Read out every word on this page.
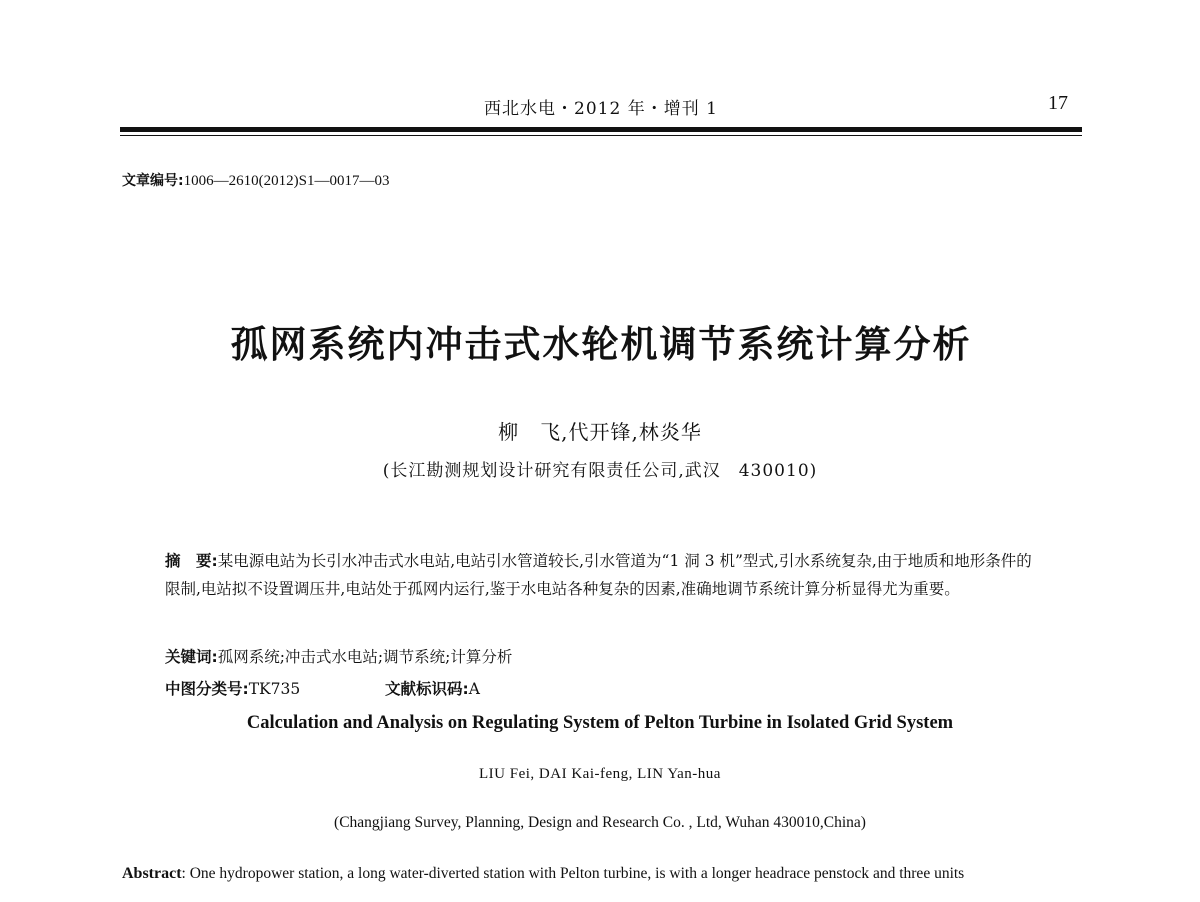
西北水电・2012 年・增刊 1	17
文章编号:1006—2610(2012)S1—0017—03
孤网系统内冲击式水轮机调节系统计算分析
柳　飞,代开锋,林炎华
(长江勘测规划设计研究有限责任公司,武汉　430010)
摘　要:某电源电站为长引水冲击式水电站,电站引水管道较长,引水管道为“1 洞 3 机”型式,引水系统复杂,由于地质和地形条件的限制,电站拟不设置调压井,电站处于孤网内运行,鉴于水电站各种复杂的因素,准确地调节系统计算分析显得尤为重要。
关键词:孤网系统;冲击式水电站;调节系统;计算分析
中图分类号:TK735	文献标识码:A
Calculation and Analysis on Regulating System of Pelton Turbine in Isolated Grid System
LIU Fei, DAI Kai-feng, LIN Yan-hua
(Changjiang Survey, Planning, Design and Research Co. , Ltd, Wuhan 430010,China)
Abstract: One hydropower station, a long water-diverted station with Pelton turbine, is with a longer headrace penstock and three units
